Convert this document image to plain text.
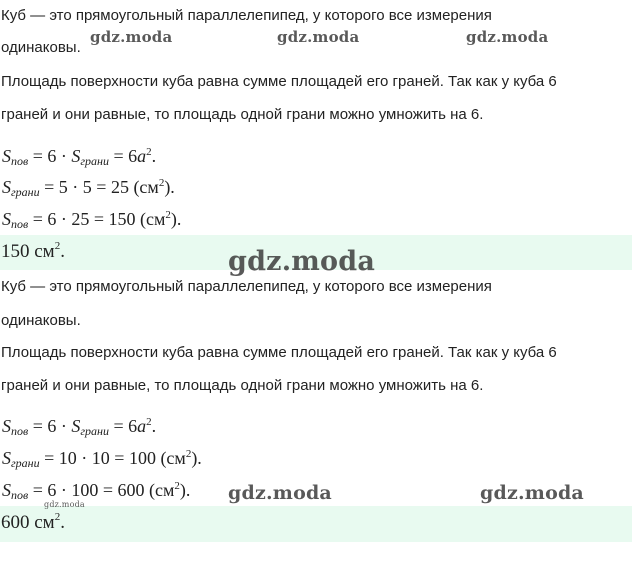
Куб — это прямоугольный параллелепипед, у которого все измерения
одинаковы.
Площадь поверхности куба равна сумме площадей его граней. Так как у куба 6
граней и они равные, то площадь одной грани можно умножить на 6.
$S_{пов} = 6 \cdot S_{грани} = 6a^2$.
$S_{грани} = 5 \cdot 5 = 25$ $(см^2)$.
$S_{пов} = 6 \cdot 25 = 150$ $(см^2)$.
150 $см^2$.
Куб — это прямоугольный параллелепипед, у которого все измерения
одинаковы.
Площадь поверхности куба равна сумме площадей его граней. Так как у куба 6
граней и они равные, то площадь одной грани можно умножить на 6.
$S_{пов} = 6 \cdot S_{грани} = 6a^2$.
$S_{грани} = 10 \cdot 10 = 100$ $(см^2)$.
$S_{пов} = 6 \cdot 100 = 600$ $(см^2)$.
600 $см^2$.
gdz.moda	gdz.moda	gdz.moda
gdz.moda
gdz.moda	gdz.moda
gdz.moda
